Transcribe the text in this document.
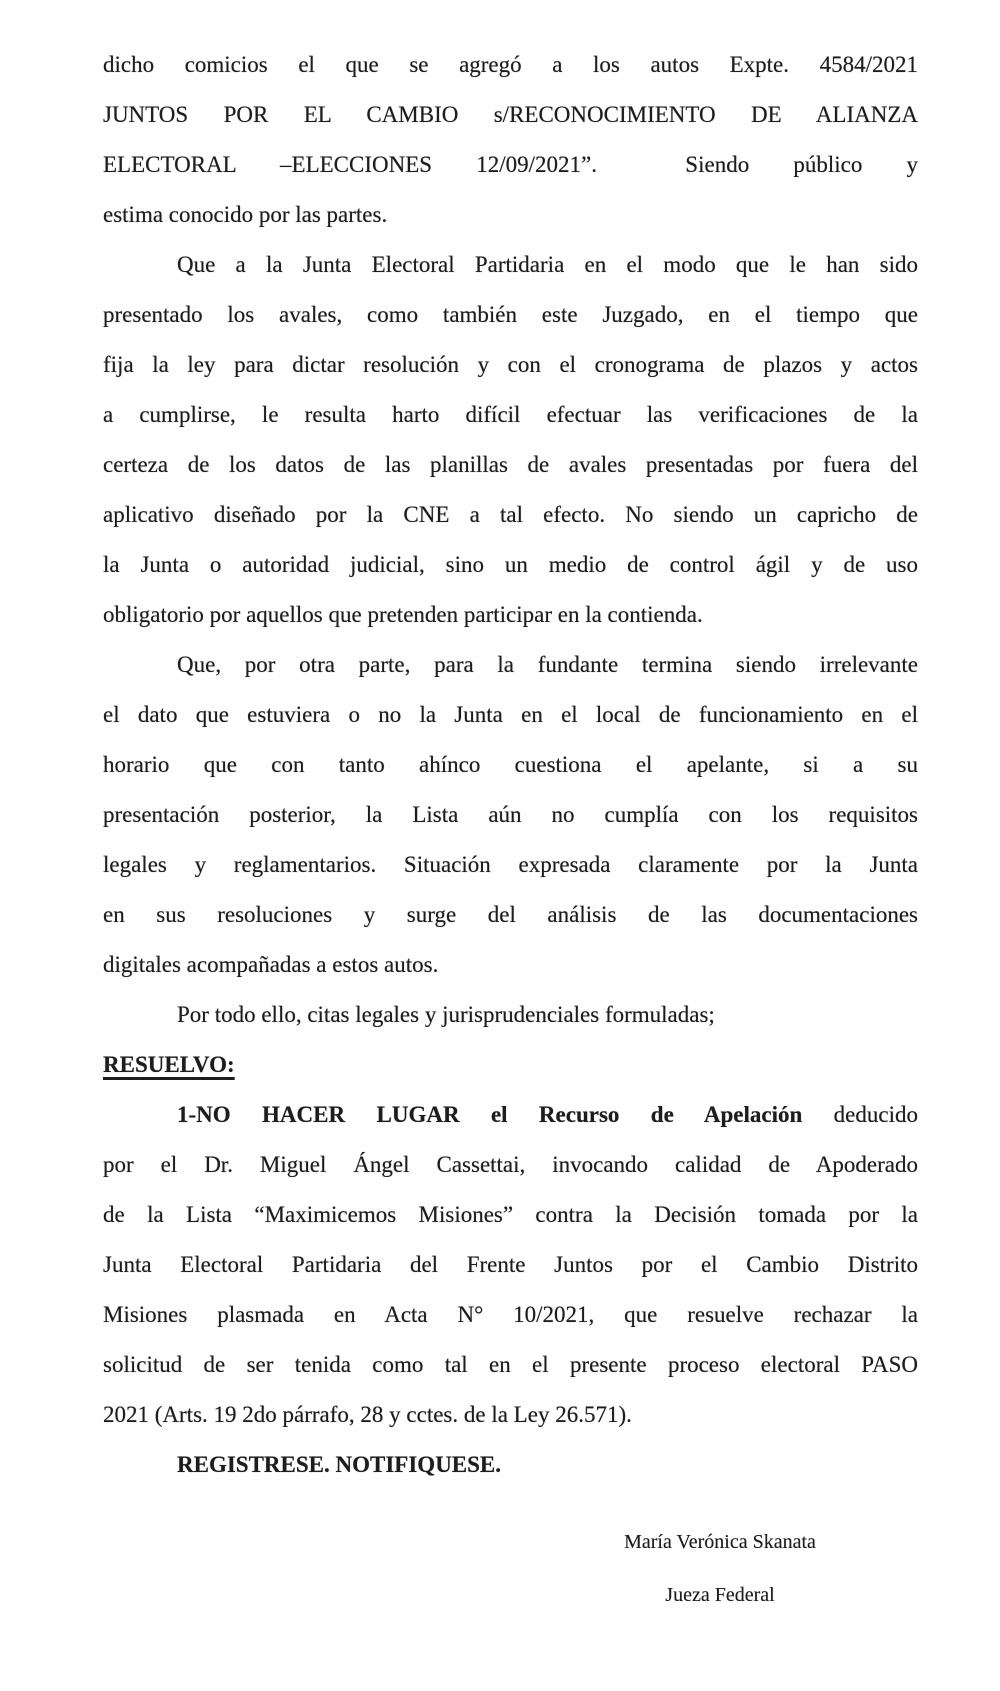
dicho comicios el que se agregó a los autos Expte. 4584/2021
JUNTOS POR EL CAMBIO s/RECONOCIMIENTO DE ALIANZA
ELECTORAL –ELECCIONES 12/09/2021”.  Siendo público y
estima conocido por las partes.
Que a la Junta Electoral Partidaria en el modo que le han sido
presentado los avales, como también este Juzgado, en el tiempo que
fija la ley para dictar resolución y con el cronograma de plazos y actos
a cumplirse, le resulta harto difícil efectuar las verificaciones de la
certeza de los datos de las planillas de avales presentadas por fuera del
aplicativo diseñado por la CNE a tal efecto. No siendo un capricho de
la Junta o autoridad judicial, sino un medio de control ágil y de uso
obligatorio por aquellos que pretenden participar en la contienda.
Que, por otra parte, para la fundante termina siendo irrelevante
el dato que estuviera o no la Junta en el local de funcionamiento en el
horario que con tanto ahínco cuestiona el apelante, si a su
presentación posterior, la Lista aún no cumplía con los requisitos
legales y reglamentarios. Situación expresada claramente por la Junta
en sus resoluciones y surge del análisis de las documentaciones
digitales acompañadas a estos autos.
Por todo ello, citas legales y jurisprudenciales formuladas;
RESUELVO:
1-NO HACER LUGAR el Recurso de Apelación deducido
por el Dr. Miguel Ángel Cassettai, invocando calidad de Apoderado
de la Lista “Maximicemos Misiones” contra la Decisión tomada por la
Junta Electoral Partidaria del Frente Juntos por el Cambio Distrito
Misiones plasmada en Acta N° 10/2021, que resuelve rechazar la
solicitud de ser tenida como tal en el presente proceso electoral PASO
2021 (Arts. 19 2do párrafo, 28 y cctes. de la Ley 26.571).
REGISTRESE. NOTIFIQUESE.
María Verónica Skanata
Jueza Federal
